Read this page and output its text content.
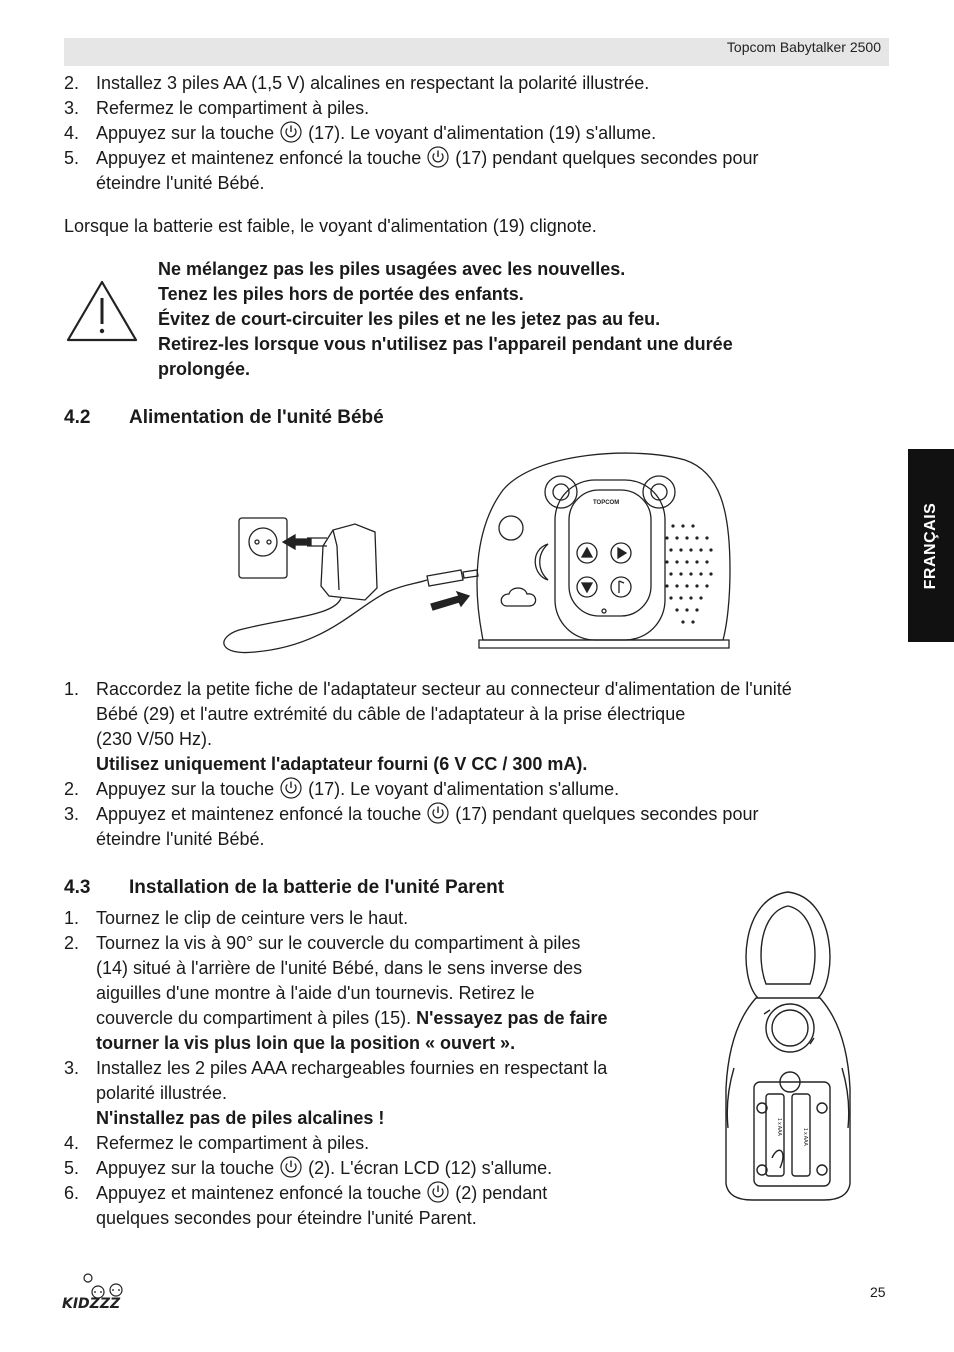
Topcom Babytalker 2500
2. Installez 3 piles AA (1,5 V) alcalines en respectant la polarité illustrée.
3. Refermez le compartiment à piles.
4. Appuyez sur la touche (17). Le voyant d'alimentation (19) s'allume.
5. Appuyez et maintenez enfoncé la touche (17) pendant quelques secondes pour
éteindre l'unité Bébé.
Lorsque la batterie est faible, le voyant d'alimentation (19) clignote.
Ne mélangez pas les piles usagées avec les nouvelles.
Tenez les piles hors de portée des enfants.
Évitez de court-circuiter les piles et ne les jetez pas au feu.
Retirez-les lorsque vous n'utilisez pas l'appareil pendant une durée
prolongée.
4.2 Alimentation de l'unité Bébé
TOPCOM	FRANÇAIS
1. Raccordez la petite fiche de l'adaptateur secteur au connecteur d'alimentation de l'unité
Bébé (29) et l'autre extrémité du câble de l'adaptateur à la prise électrique
(230 V/50 Hz).
Utilisez uniquement l'adaptateur fourni (6 V CC / 300 mA).
2. Appuyez sur la touche (17). Le voyant d'alimentation s'allume.
3. Appuyez et maintenez enfoncé la touche (17) pendant quelques secondes pour
éteindre l'unité Bébé.
4.3 Installation de la batterie de l'unité Parent
1. Tournez le clip de ceinture vers le haut.
2. Tournez la vis à 90° sur le couvercle du compartiment à piles
(14) situé à l'arrière de l'unité Bébé, dans le sens inverse des
aiguilles d'une montre à l'aide d'un tournevis. Retirez le
couvercle du compartiment à piles (15). N'essayez pas de faire
tourner la vis plus loin que la position « ouvert ».
3. Installez les 2 piles AAA rechargeables fournies en respectant la
polarité illustrée.
N'installez pas de piles alcalines !
4. Refermez le compartiment à piles.
5. Appuyez sur la touche (2). L'écran LCD (12) s'allume.
6. Appuyez et maintenez enfoncé la touche (2) pendant
quelques secondes pour éteindre l'unité Parent.
1 x AAA
1 x AAA
KIDZZZ
25
